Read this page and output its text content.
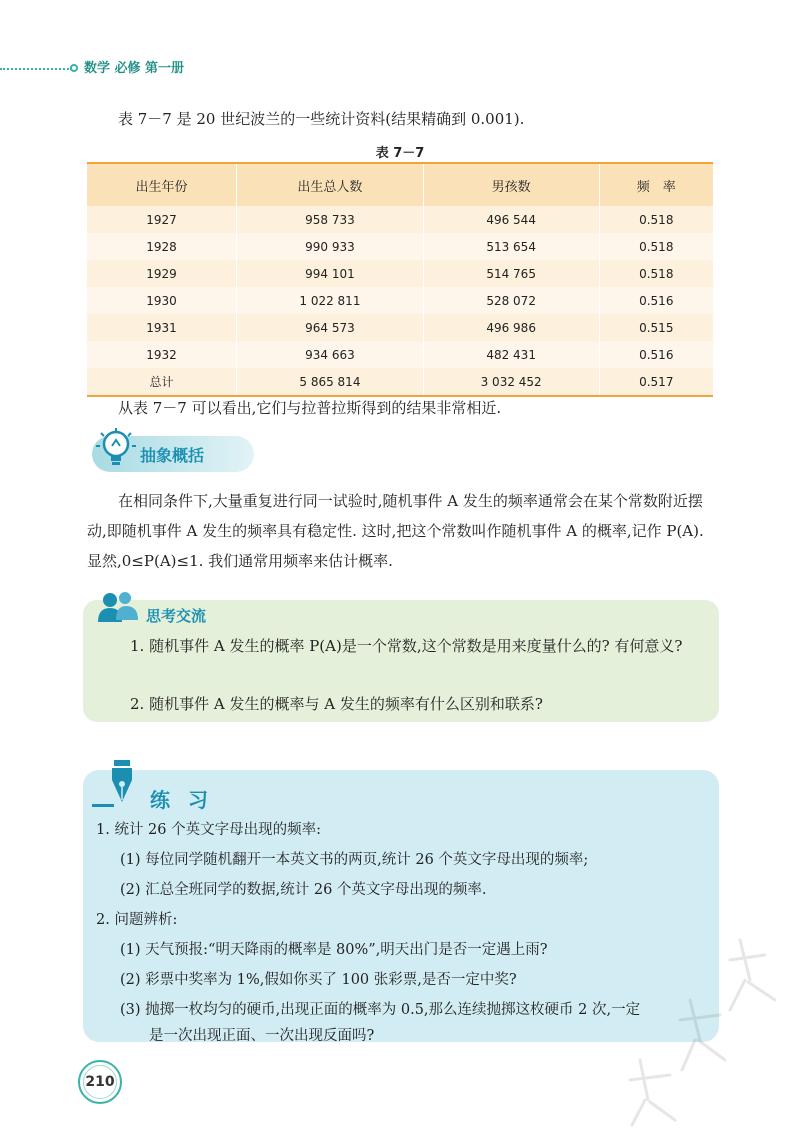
数学 必修 第一册
表 7－7 是 20 世纪波兰的一些统计资料(结果精确到 0.001).
表 7－7
出生年份	出生总人数	男孩数	频　率
1927	958 733	496 544	0.518
1928	990 933	513 654	0.518
1929	994 101	514 765	0.518
1930	1 022 811	528 072	0.516
1931	964 573	496 986	0.515
1932	934 663	482 431	0.516
总计	5 865 814	3 032 452	0.517
从表 7－7 可以看出,它们与拉普拉斯得到的结果非常相近.
抽象概括
在相同条件下,大量重复进行同一试验时,随机事件 A 发生的频率通常会在某个常数附近摆动,即随机事件 A 发生的频率具有稳定性. 这时,把这个常数叫作随机事件 A 的概率,记作 P(A). 显然,0≤P(A)≤1. 我们通常用频率来估计概率.
思考交流
1. 随机事件 A 发生的概率 P(A)是一个常数,这个常数是用来度量什么的? 有何意义?
2. 随机事件 A 发生的概率与 A 发生的频率有什么区别和联系?
练习
1. 统计 26 个英文字母出现的频率:
(1) 每位同学随机翻开一本英文书的两页,统计 26 个英文字母出现的频率;
(2) 汇总全班同学的数据,统计 26 个英文字母出现的频率.
2. 问题辨析:
(1) 天气预报:“明天降雨的概率是 80%”,明天出门是否一定遇上雨?
(2) 彩票中奖率为 1%,假如你买了 100 张彩票,是否一定中奖?
(3) 抛掷一枚均匀的硬币,出现正面的概率为 0.5,那么连续抛掷这枚硬币 2 次,一定
是一次出现正面、一次出现反面吗?
210
